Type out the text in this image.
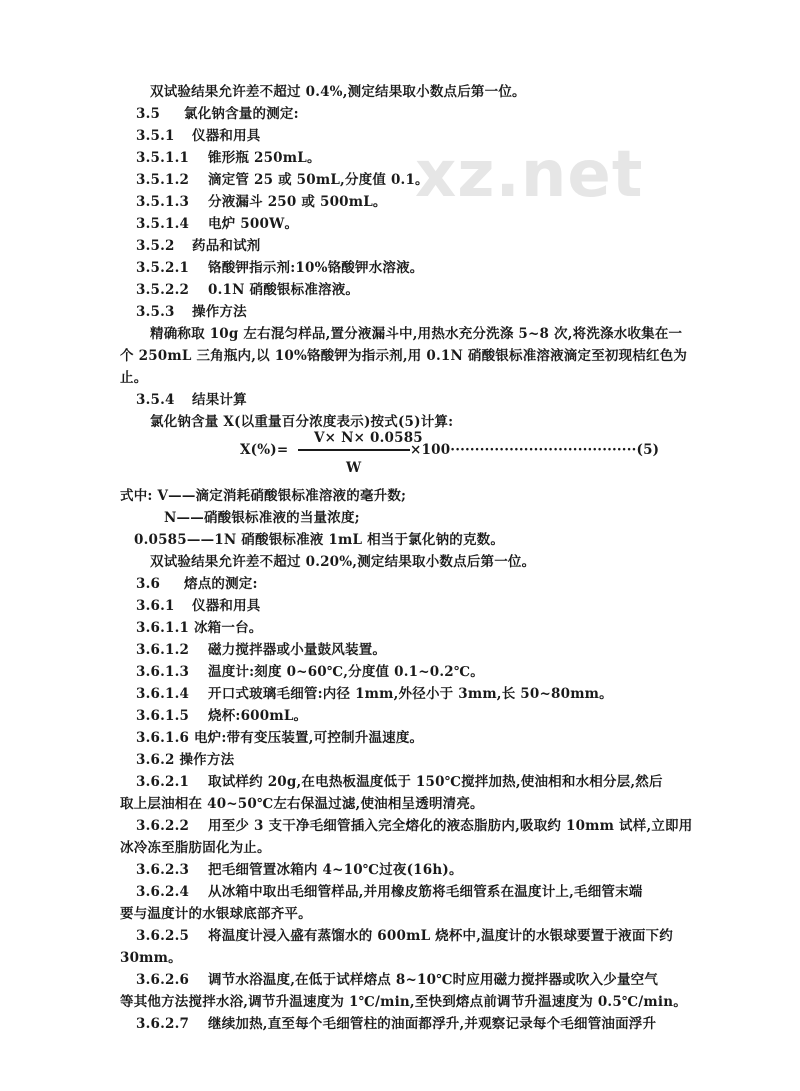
xz.net
双试验结果允许差不超过 0.4%,测定结果取小数点后第一位。
3.5 氯化钠含量的测定:
3.5.1 仪器和用具
3.5.1.1 锥形瓶 250mL。
3.5.1.2 滴定管 25 或 50mL,分度值 0.1。
3.5.1.3 分液漏斗 250 或 500mL。
3.5.1.4 电炉 500W。
3.5.2 药品和试剂
3.5.2.1 铬酸钾指示剂:10%铬酸钾水溶液。
3.5.2.2 0.1N 硝酸银标准溶液。
3.5.3 操作方法
精确称取 10g 左右混匀样品,置分液漏斗中,用热水充分洗涤 5~8 次,将洗涤水收集在一
个 250mL 三角瓶内,以 10%铬酸钾为指示剂,用 0.1N 硝酸银标准溶液滴定至初现桔红色为
止。
3.5.4 结果计算
氯化钠含量 X(以重量百分浓度表示)按式(5)计算:
V× N× 0.0585
X(%)=	×100······································(5)
W
式中: V——滴定消耗硝酸银标准溶液的毫升数;
N——硝酸银标准液的当量浓度;
0.0585——1N 硝酸银标准液 1mL 相当于氯化钠的克数。
双试验结果允许差不超过 0.20%,测定结果取小数点后第一位。
3.6 熔点的测定:
3.6.1 仪器和用具
3.6.1.1 冰箱一台。
3.6.1.2 磁力搅拌器或小量鼓风装置。
3.6.1.3 温度计:刻度 0~60℃,分度值 0.1~0.2℃。
3.6.1.4 开口式玻璃毛细管:内径 1mm,外径小于 3mm,长 50~80mm。
3.6.1.5 烧杯:600mL。
3.6.1.6 电炉:带有变压装置,可控制升温速度。
3.6.2 操作方法
3.6.2.1 取试样约 20g,在电热板温度低于 150℃搅拌加热,使油相和水相分层,然后
取上层油相在 40~50℃左右保温过滤,使油相呈透明清亮。
3.6.2.2 用至少 3 支干净毛细管插入完全熔化的液态脂肪内,吸取约 10mm 试样,立即用
冰冷冻至脂肪固化为止。
3.6.2.3 把毛细管置冰箱内 4~10℃过夜(16h)。
3.6.2.4 从冰箱中取出毛细管样品,并用橡皮筋将毛细管系在温度计上,毛细管末端
要与温度计的水银球底部齐平。
3.6.2.5 将温度计浸入盛有蒸馏水的 600mL 烧杯中,温度计的水银球要置于液面下约
30mm。
3.6.2.6 调节水浴温度,在低于试样熔点 8~10℃时应用磁力搅拌器或吹入少量空气
等其他方法搅拌水浴,调节升温速度为 1℃/min,至快到熔点前调节升温速度为 0.5℃/min。
3.6.2.7 继续加热,直至每个毛细管柱的油面都浮升,并观察记录每个毛细管油面浮升
